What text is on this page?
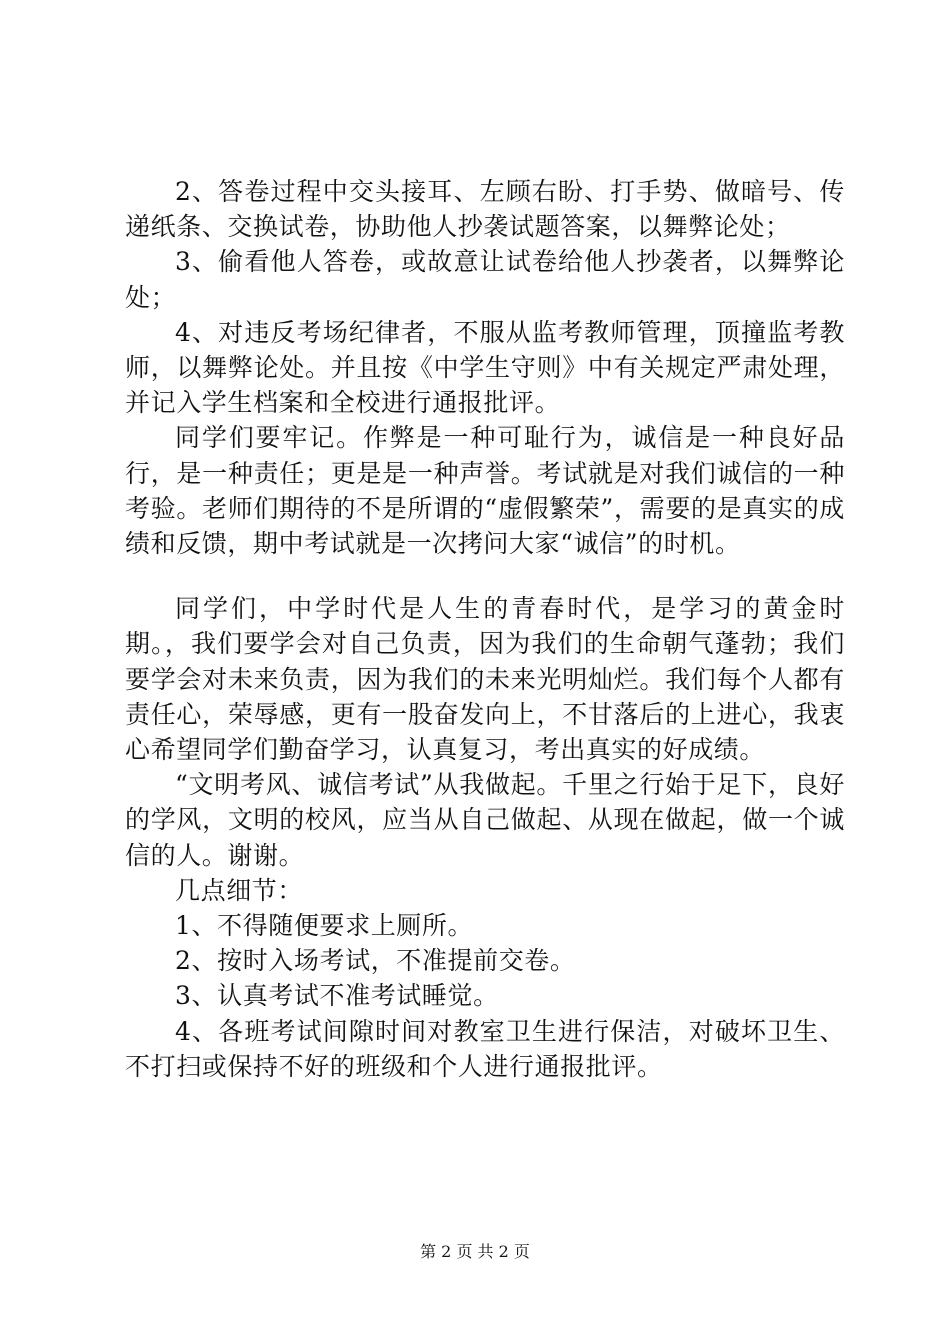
2、答卷过程中交头接耳、左顾右盼、打手势、做暗号、传递纸条、交换试卷，协助他人抄袭试题答案，以舞弊论处；

3、偷看他人答卷，或故意让试卷给他人抄袭者，以舞弊论处；

4、对违反考场纪律者，不服从监考教师管理，顶撞监考教师，以舞弊论处。并且按《中学生守则》中有关规定严肃处理，并记入学生档案和全校进行通报批评。

同学们要牢记。作弊是一种可耻行为，诚信是一种良好品行，是一种责任；更是是一种声誉。考试就是对我们诚信的一种考验。老师们期待的不是所谓的“虚假繁荣”，需要的是真实的成绩和反馈，期中考试就是一次拷问大家“诚信”的时机。

同学们，中学时代是人生的青春时代，是学习的黄金时期。，我们要学会对自己负责，因为我们的生命朝气蓬勃；我们要学会对未来负责，因为我们的未来光明灿烂。我们每个人都有责任心，荣辱感，更有一股奋发向上，不甘落后的上进心，我衷心希望同学们勤奋学习，认真复习，考出真实的好成绩。

“文明考风、诚信考试”从我做起。千里之行始于足下，良好的学风，文明的校风，应当从自己做起、从现在做起，做一个诚信的人。谢谢。

几点细节：

1、不得随便要求上厕所。

2、按时入场考试，不准提前交卷。

3、认真考试不准考试睡觉。

4、各班考试间隙时间对教室卫生进行保洁，对破坏卫生、不打扫或保持不好的班级和个人进行通报批评。

第 2 页 共 2 页
